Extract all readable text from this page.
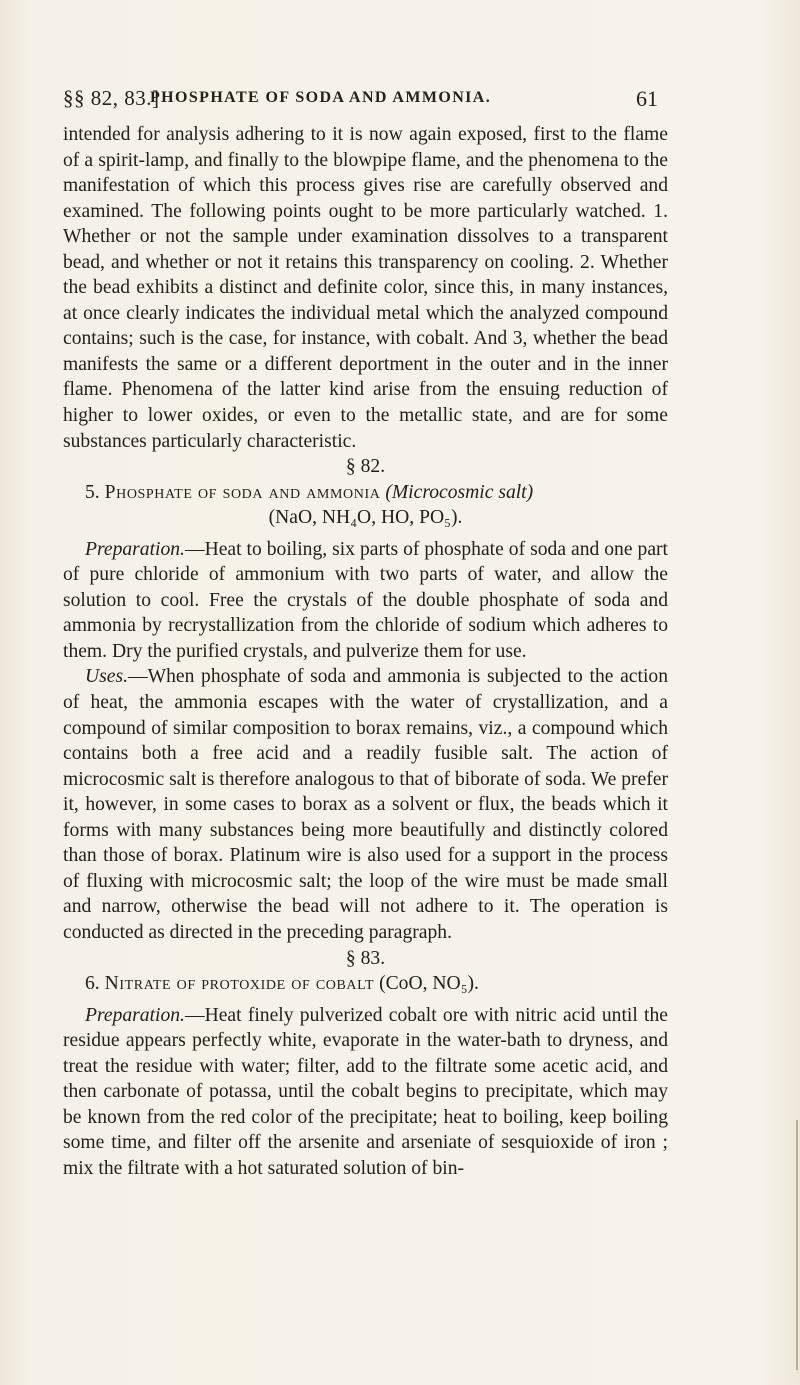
§§ 82, 83.]
PHOSPHATE OF SODA AND AMMONIA.	61

intended for analysis adhering to it is now again exposed, first to the flame of a spirit-lamp, and finally to the blowpipe flame, and the phenomena to the manifestation of which this process gives rise are carefully observed and examined. The following points ought to be more particularly watched. 1. Whether or not the sample under examination dissolves to a transparent bead, and whether or not it retains this transparency on cooling. 2. Whether the bead exhibits a distinct and definite color, since this, in many instances, at once clearly indicates the individual metal which the analyzed compound contains; such is the case, for instance, with cobalt. And 3, whether the bead manifests the same or a different deportment in the outer and in the inner flame. Phenomena of the latter kind arise from the ensuing reduction of higher to lower oxides, or even to the metallic state, and are for some substances particularly characteristic.

§ 82.

5. Phosphate of soda and ammonia (Microcosmic salt)

(NaO, NH₄O, HO, PO₅).

Preparation.—Heat to boiling, six parts of phosphate of soda and one part of pure chloride of ammonium with two parts of water, and allow the solution to cool. Free the crystals of the double phosphate of soda and ammonia by recrystallization from the chloride of sodium which adheres to them. Dry the purified crystals, and pulverize them for use.

Uses.—When phosphate of soda and ammonia is subjected to the action of heat, the ammonia escapes with the water of crystallization, and a compound of similar composition to borax remains, viz., a compound which contains both a free acid and a readily fusible salt. The action of microcosmic salt is therefore analogous to that of biborate of soda. We prefer it, however, in some cases to borax as a solvent or flux, the beads which it forms with many substances being more beautifully and distinctly colored than those of borax. Platinum wire is also used for a support in the process of fluxing with microcosmic salt; the loop of the wire must be made small and narrow, otherwise the bead will not adhere to it. The operation is conducted as directed in the preceding paragraph.

§ 83.

6. Nitrate of protoxide of cobalt (CoO, NO₅).

Preparation.—Heat finely pulverized cobalt ore with nitric acid until the residue appears perfectly white, evaporate in the water-bath to dryness, and treat the residue with water; filter, add to the filtrate some acetic acid, and then carbonate of potassa, until the cobalt begins to precipitate, which may be known from the red color of the precipitate; heat to boiling, keep boiling some time, and filter off the arsenite and arseniate of sesquioxide of iron ; mix the filtrate with a hot saturated solution of bin-
